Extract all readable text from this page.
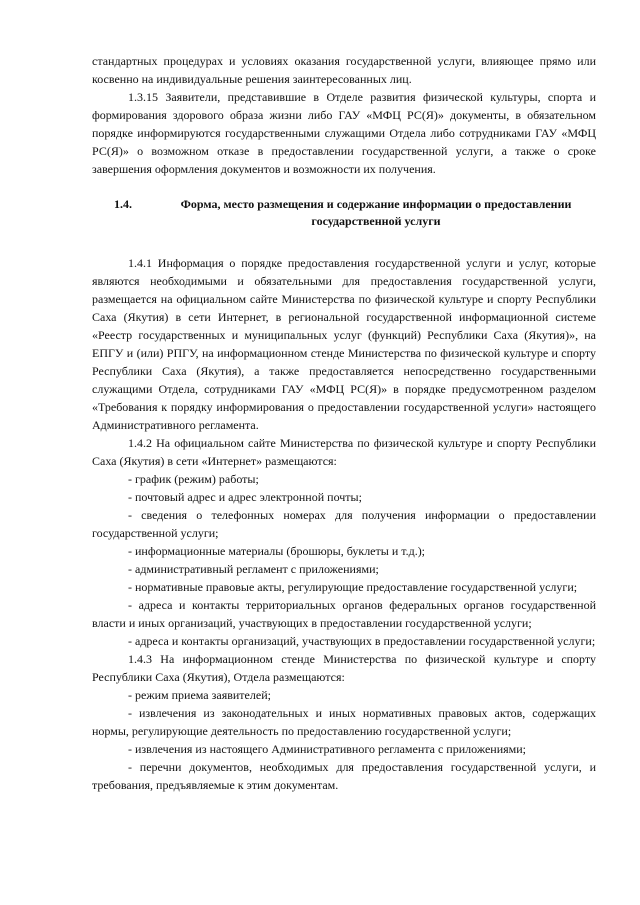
стандартных процедурах и условиях оказания государственной услуги, влияющее прямо или косвенно на индивидуальные решения заинтересованных лиц.

1.3.15 Заявители, представившие в Отделе развития физической культуры, спорта и формирования здорового образа жизни либо ГАУ «МФЦ РС(Я)» документы, в обязательном порядке информируются государственными служащими Отдела либо сотрудниками ГАУ «МФЦ РС(Я)» о возможном отказе в предоставлении государственной услуги, а также о сроке завершения оформления документов и возможности их получения.

1.4.	Форма, место размещения и содержание информации о предоставлении государственной услуги

1.4.1 Информация о порядке предоставления государственной услуги и услуг, которые являются необходимыми и обязательными для предоставления государственной услуги, размещается на официальном сайте Министерства по физической культуре и спорту Республики Саха (Якутия) в сети Интернет, в региональной государственной информационной системе «Реестр государственных и муниципальных услуг (функций) Республики Саха (Якутия)», на ЕПГУ и (или) РПГУ, на информационном стенде Министерства по физической культуре и спорту Республики Саха (Якутия), а также предоставляется непосредственно государственными служащими Отдела, сотрудниками ГАУ «МФЦ РС(Я)» в порядке предусмотренном разделом «Требования к порядку информирования о предоставлении государственной услуги» настоящего Административного регламента.

1.4.2 На официальном сайте Министерства по физической культуре и спорту Республики Саха (Якутия) в сети «Интернет» размещаются:

- график (режим) работы;

- почтовый адрес и адрес электронной почты;

- сведения о телефонных номерах для получения информации о предоставлении государственной услуги;

- информационные материалы (брошюры, буклеты и т.д.);

- административный регламент с приложениями;

- нормативные правовые акты, регулирующие предоставление государственной услуги;

- адреса и контакты территориальных органов федеральных органов государственной власти и иных организаций, участвующих в предоставлении государственной услуги;

- адреса и контакты организаций, участвующих в предоставлении государственной услуги;

1.4.3 На информационном стенде Министерства по физической культуре и спорту Республики Саха (Якутия), Отдела размещаются:

- режим приема заявителей;

- извлечения из законодательных и иных нормативных правовых актов, содержащих нормы, регулирующие деятельность по предоставлению государственной услуги;

- извлечения из настоящего Административного регламента с приложениями;

- перечни документов, необходимых для предоставления государственной услуги, и требования, предъявляемые к этим документам.
